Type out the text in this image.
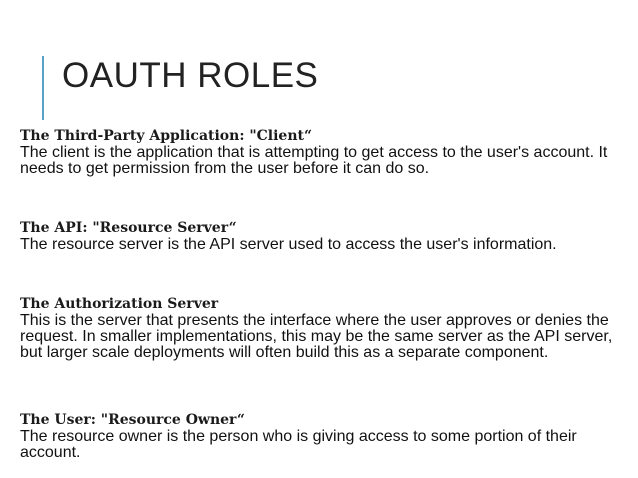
OAUTH ROLES

The Third-Party Application: "Client“

The client is the application that is attempting to get access to the user's account. It needs to get permission from the user before it can do so.

The API: "Resource Server“

The resource server is the API server used to access the user's information.

The Authorization Server

This is the server that presents the interface where the user approves or denies the request. In smaller implementations, this may be the same server as the API server, but larger scale deployments will often build this as a separate component.

The User: "Resource Owner“

The resource owner is the person who is giving access to some portion of their account.
